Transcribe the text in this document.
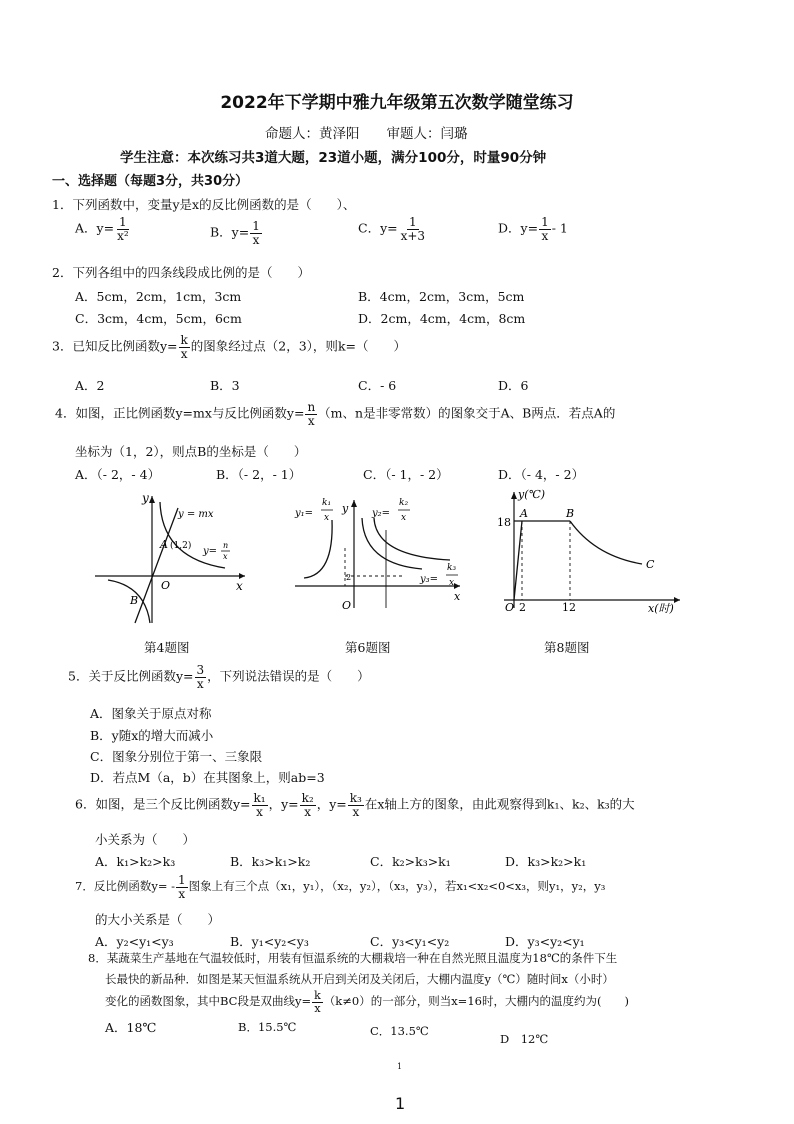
2022年下学期中雅九年级第五次数学随堂练习
命题人：黄泽阳　　审题人：闫璐
学生注意：本次练习共3道大题，23道小题，满分100分，时量90分钟
一、选择题（每题3分，共30分）
1．下列函数中，变量y是x的反比例函数的是（　　）、
A．$y= \frac{1}{\text{x²}}$	B．$y= \frac{1}{x}$	C．$y= \frac{1}{x+3}$	D．$y= \frac{1}{x} - 1$
2．下列各组中的四条线段成比例的是（　　）
A．5cm，2cm，1cm，3cm	B．4cm，2cm，3cm，5cm
C．3cm，4cm，5cm，6cm	D．2cm，4cm，4cm，8cm
3．已知反比例函数$y= \frac{k}{x}$ 的图象经过点（2，3），则k=（　　）
A．2	B．3	C．- 6	D．6
4．如图，正比例函数y=mx与反比例函数$y= \frac{n}{x} (m$、n是非零常数）的图象交于A、B两点．若点A的
坐标为（1，2），则点B的坐标是（　　）
A．（- 2，- 4）	B．（- 2，- 1）	C．（- 1，- 2）	D．（- 4，- 2）
y
x
O
A (1,2)
B
y = mx
y=
n
x
第4题图
y₁=
k₁
x
y y₂=
k₂
x
y₃=
k₃
x
x
O
2
第6题图
y(℃)
18
O 2	12
A	B
C
x(时)
第8题图
5．关于反比例函数$y= \frac{3}{x}$ ，下列说法错误的是（　　）
A．图象关于原点对称
B．y随x的增大而减小
C．图象分别位于第一、三象限
D．若点M（a，b）在其图象上，则ab=3
6．如图，是三个反比例函数$y= \frac{\text{k₁}}{x}$ ，$y= \frac{\text{k₂}}{x}$ ，$y= \frac{\text{k₃}}{x}$ 在x轴上方的图象，由此观察得到k₁、k₂、k₃的大
小关系为（　　）
A．k₁>k₂>k₃	B．k₃>k₁>k₂	C．k₂>k₃>k₁	D．k₃>k₂>k₁
7．反比例函数$y= - \frac{1}{x}$ 图象上有三个点（x₁，y₁），（x₂，y₂），（x₃，y₃），若x₁<x₂<0<x₃，则y₁，y₂，y₃
的大小关系是（　　）
A．y₂<y₁<y₃	B．y₁<y₂<y₃	C．y₃<y₁<y₂	D．y₃<y₂<y₁
8．某蔬菜生产基地在气温较低时，用装有恒温系统的大棚栽培一种在自然光照且温度为18℃的条件下生
长最快的新品种．如图是某天恒温系统从开启到关闭及关闭后，大棚内温度y（℃）随时间x（小时）
变化的函数图象，其中BC段是双曲线$y= \frac{k}{x} (k\ne 0)$的一部分，则当x=16时，大棚内的温度约为(　　)
A．18℃	B．15.5℃	C．13.5℃
D　12℃
1
1
